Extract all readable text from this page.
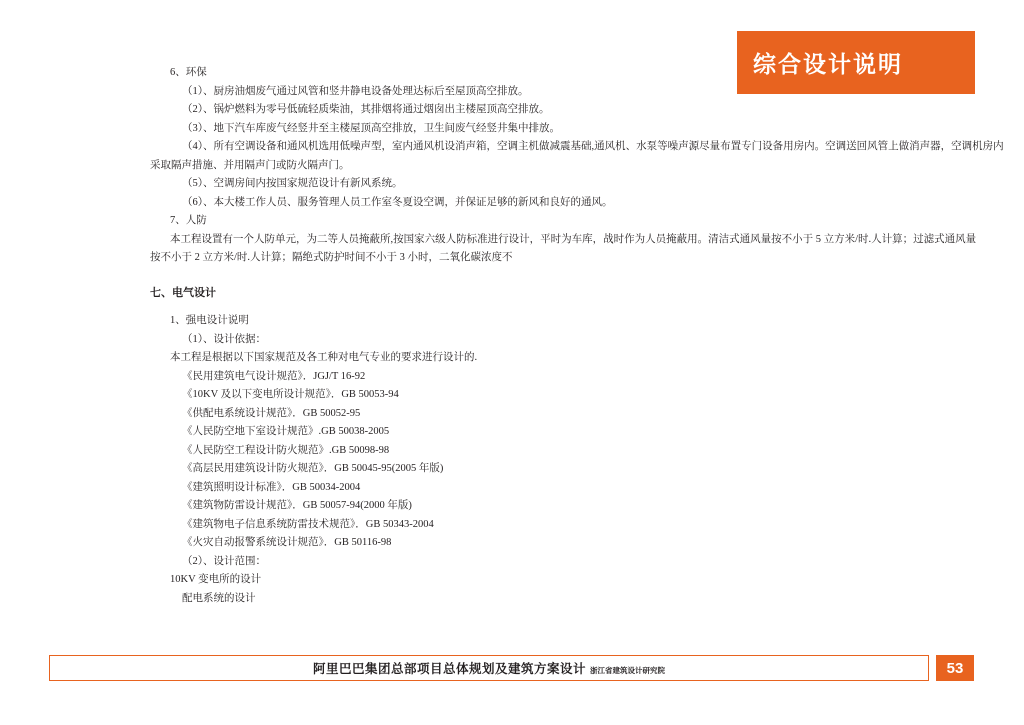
综合设计说明
6、环保
（1）、厨房油烟废气通过风管和竖井静电设备处理达标后至屋顶高空排放。
（2）、锅炉燃料为零号低硫轻质柴油，其排烟将通过烟囱出主楼屋顶高空排放。
（3）、地下汽车库废气经竖井至主楼屋顶高空排放，卫生间废气经竖井集中排放。
（4）、所有空调设备和通风机选用低噪声型，室内通风机设消声箱，空调主机做减震基础,通风机、水泵等噪声源尽量布置专门设备用房内。空调送回风管上做消声器，空调机房内
采取隔声措施、并用隔声门或防火隔声门。
（5）、空调房间内按国家规范设计有新风系统。
（6）、本大楼工作人员、服务管理人员工作室冬夏设空调，并保证足够的新风和良好的通风。
7、人防
本工程设置有一个人防单元，为二等人员掩蔽所,按国家六级人防标准进行设计，平时为车库，战时作为人员掩蔽用。清洁式通风量按不小于 5 立方米/时.人计算；过滤式通风量
按不小于 2 立方米/时.人计算；隔绝式防护时间不小于 3 小时，二氧化碳浓度不
七、电气设计
1、强电设计说明
（1）、设计依据：
本工程是根据以下国家规范及各工种对电气专业的要求进行设计的.
《民用建筑电气设计规范》．JGJ/T 16-92
《10KV 及以下变电所设计规范》．GB 50053-94
《供配电系统设计规范》．GB 50052-95
《人民防空地下室设计规范》.GB 50038-2005
《人民防空工程设计防火规范》.GB 50098-98
《高层民用建筑设计防火规范》．GB 50045-95(2005 年版)
《建筑照明设计标准》．GB 50034-2004
《建筑物防雷设计规范》．GB 50057-94(2000 年版)
《建筑物电子信息系统防雷技术规范》．GB 50343-2004
《火灾自动报警系统设计规范》．GB 50116-98
（2）、设计范围：
10KV 变电所的设计
配电系统的设计
阿里巴巴集团总部项目总体规划及建筑方案设计 浙江省建筑设计研究院	53
